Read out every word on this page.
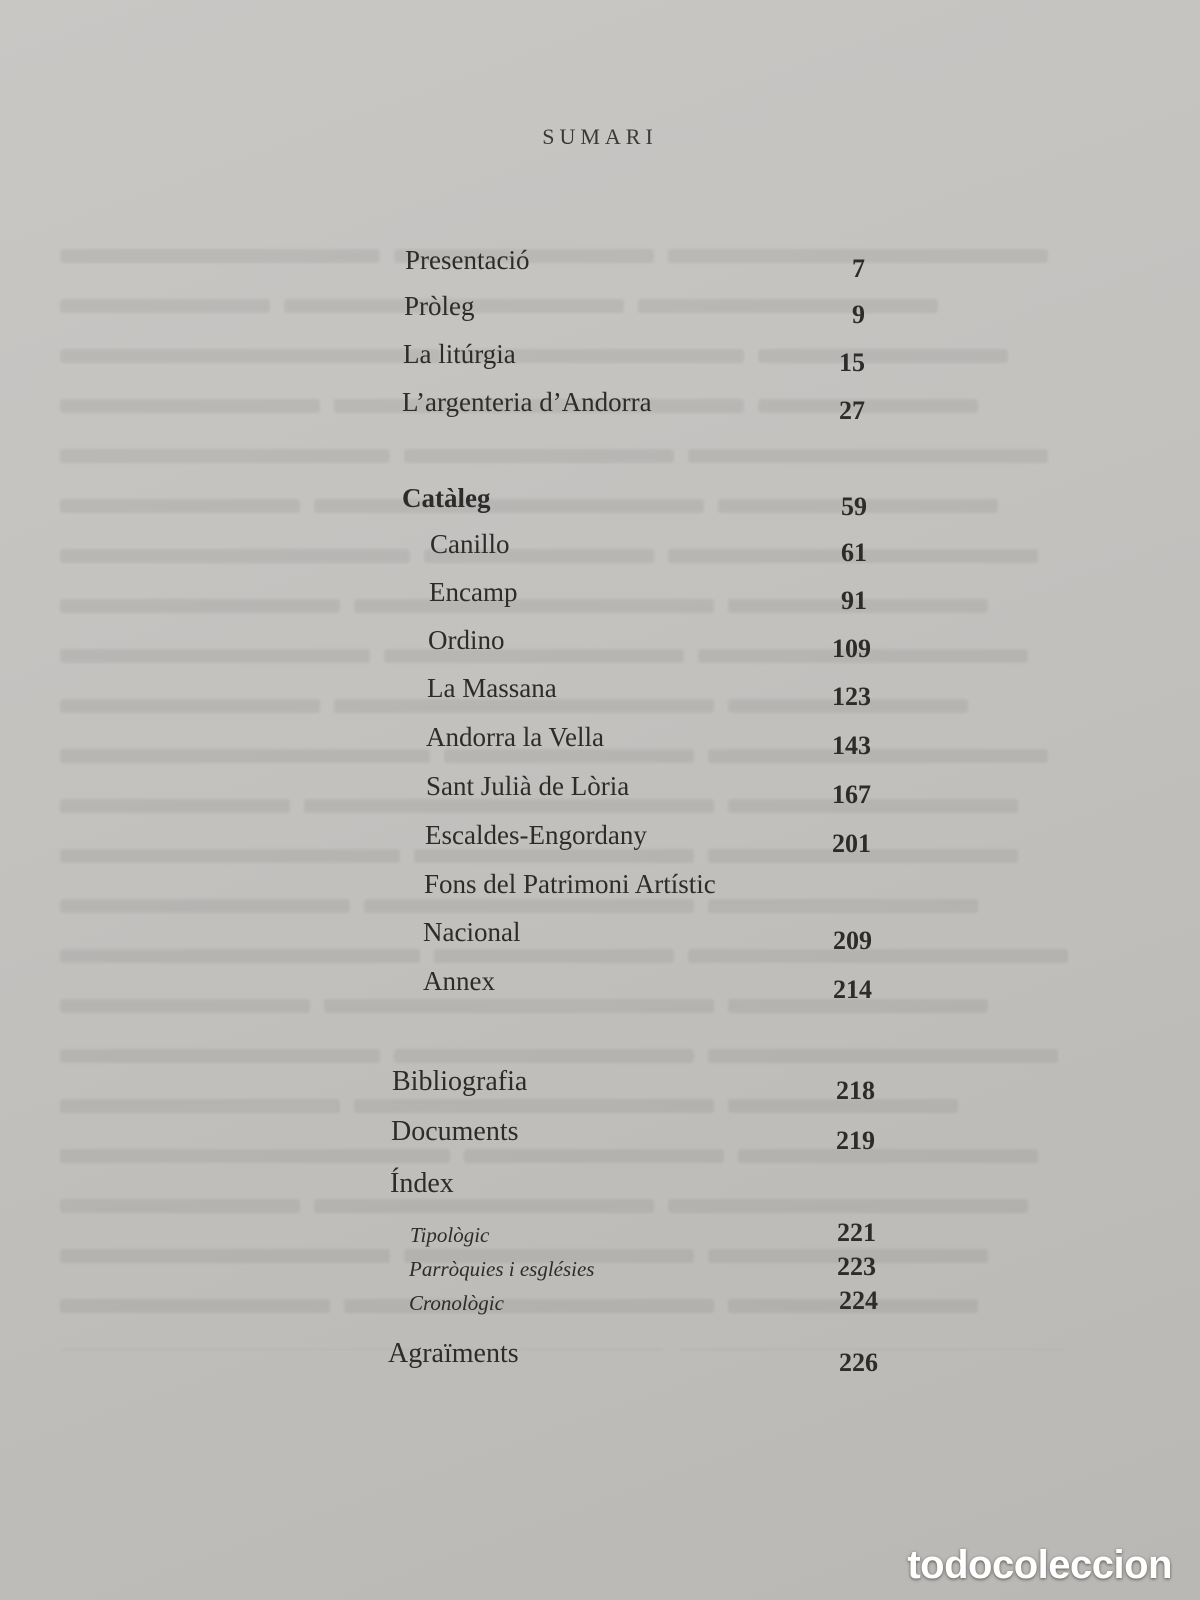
SUMARI
Presentació	7
Pròleg	9
La litúrgia	15
L’argenteria d’Andorra	27
Catàleg	59
Canillo	61
Encamp	91
Ordino	109
La Massana	123
Andorra la Vella	143
Sant Julià de Lòria	167
Escaldes-Engordany	201
Fons del Patrimoni Artístic
Nacional	209
Annex	214
Bibliografia	218
Documents	219
Índex
Tipològic	221
Parròquies i esglésies	223
Cronològic	224
Agraïments	226
todocoleccion
